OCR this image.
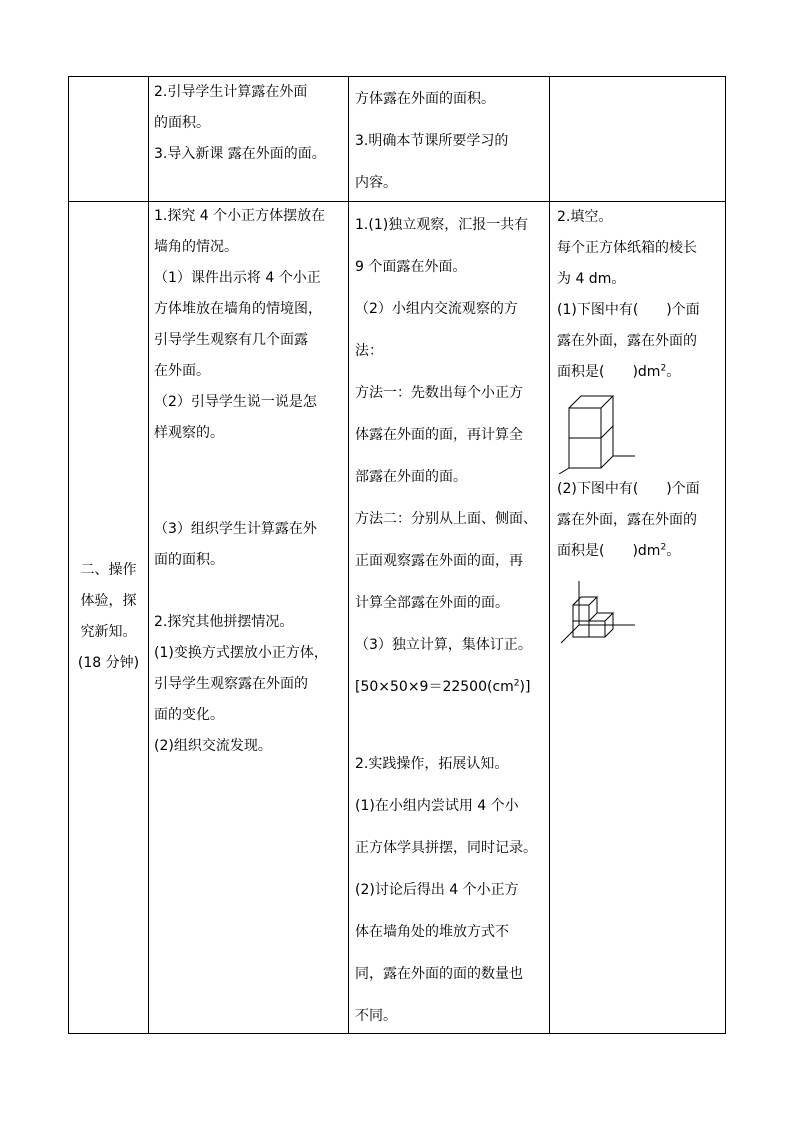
2.引导学生计算露在外面

的面积。

3.导入新课 露在外面的面。

方体露在外面的面积。

3.明确本节课所要学习的

内容。

二、操作

体验，探

究新知。

(18 分钟)

1.探究 4 个小正方体摆放在

墙角的情况。

（1）课件出示将 4 个小正

方体堆放在墙角的情境图，

引导学生观察有几个面露

在外面。

（2）引导学生说一说是怎

样观察的。

（3）组织学生计算露在外

面的面积。

2.探究其他拼摆情况。

(1)变换方式摆放小正方体，

引导学生观察露在外面的

面的变化。

(2)组织交流发现。

1.(1)独立观察，汇报一共有

9 个面露在外面。

（2）小组内交流观察的方

法：

方法一：先数出每个小正方

体露在外面的面，再计算全

部露在外面的面。

方法二：分别从上面、侧面、

正面观察露在外面的面，再

计算全部露在外面的面。

（3）独立计算，集体订正。

$[50\times 50\times 9=22500(cm^2)]$

2.实践操作，拓展认知。

(1)在小组内尝试用 4 个小

正方体学具拼摆，同时记录。

(2)讨论后得出 4 个小正方

体在墙角处的堆放方式不

同，露在外面的面的数量也

不同。

2.填空。

每个正方体纸箱的棱长

为 4 dm。

(1)下图中有(　　)个面

露在外面，露在外面的

面积是(　　)$dm^2$。

(2)下图中有(　　)个面

露在外面，露在外面的

面积是(　　)$dm^2$。
